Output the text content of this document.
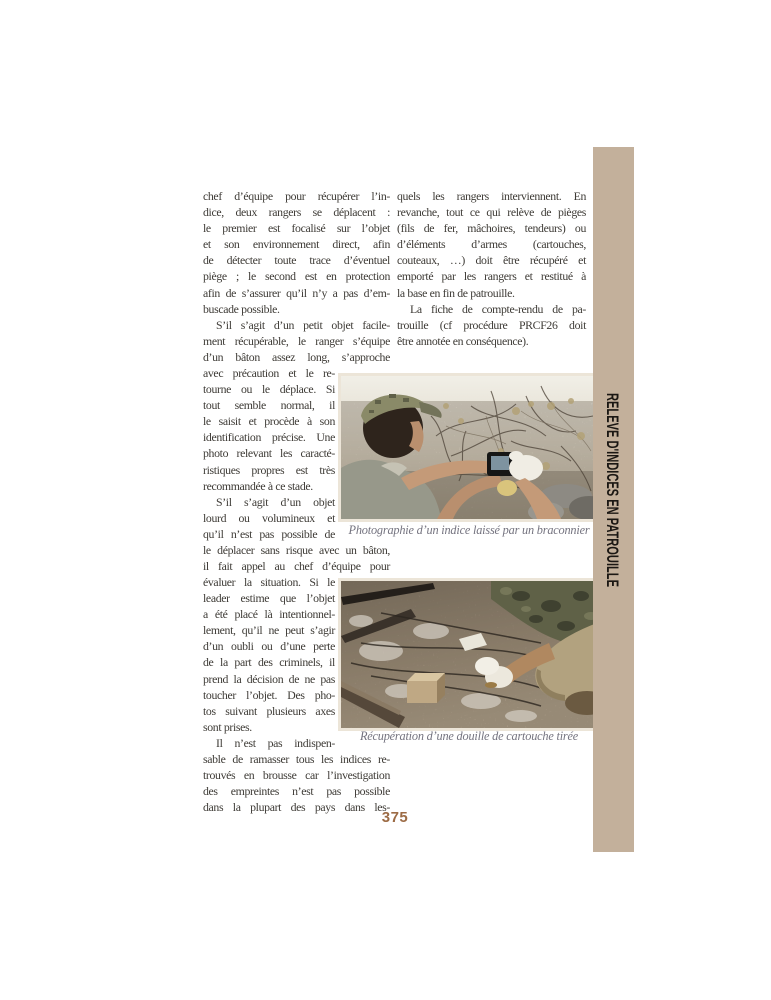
chef d’équipe pour récupérer l’in-
dice, deux rangers se déplacent :
le premier est focalisé sur l’objet
et son environnement direct, afin
de détecter toute trace d’éventuel
piège ; le second est en protection
afin de s’assurer qu’il n’y a pas d’em-
buscade possible.
S’il s’agit d’un petit objet facile-
ment récupérable, le ranger s’équipe
d’un bâton assez long, s’approche
avec précaution et le re-
tourne ou le déplace. Si
tout semble normal, il
le saisit et procède à son
identification précise. Une
photo relevant les caracté-
ristiques propres est très
recommandée à ce stade.
S’il s’agit d’un objet
lourd ou volumineux et
qu’il n’est pas possible de
le déplacer sans risque avec un bâton,
il fait appel au chef d’équipe pour
évaluer la situation. Si le
leader estime que l’objet
a été placé là intentionnel-
lement, qu’il ne peut s’agir
d’un oubli ou d’une perte
de la part des criminels, il
prend la décision de ne pas
toucher l’objet. Des pho-
tos suivant plusieurs axes
sont prises.
Il n’est pas indispen-
sable de ramasser tous les indices re-
trouvés en brousse car l’investigation
des empreintes n’est pas possible
dans la plupart des pays dans les-
quels les rangers interviennent. En
revanche, tout ce qui relève de pièges
(fils de fer, mâchoires, tendeurs) ou
d’éléments d’armes (cartouches,
couteaux, …) doit être récupéré et
emporté par les rangers et restitué à
la base en fin de patrouille.
La fiche de compte-rendu de pa-
trouille (cf procédure PRCF26 doit
être annotée en conséquence).
Photographie d’un indice laissé par un braconnier
Récupération d’une douille de cartouche tirée
RELEVE D'INDICES EN PATROUILLE
375
